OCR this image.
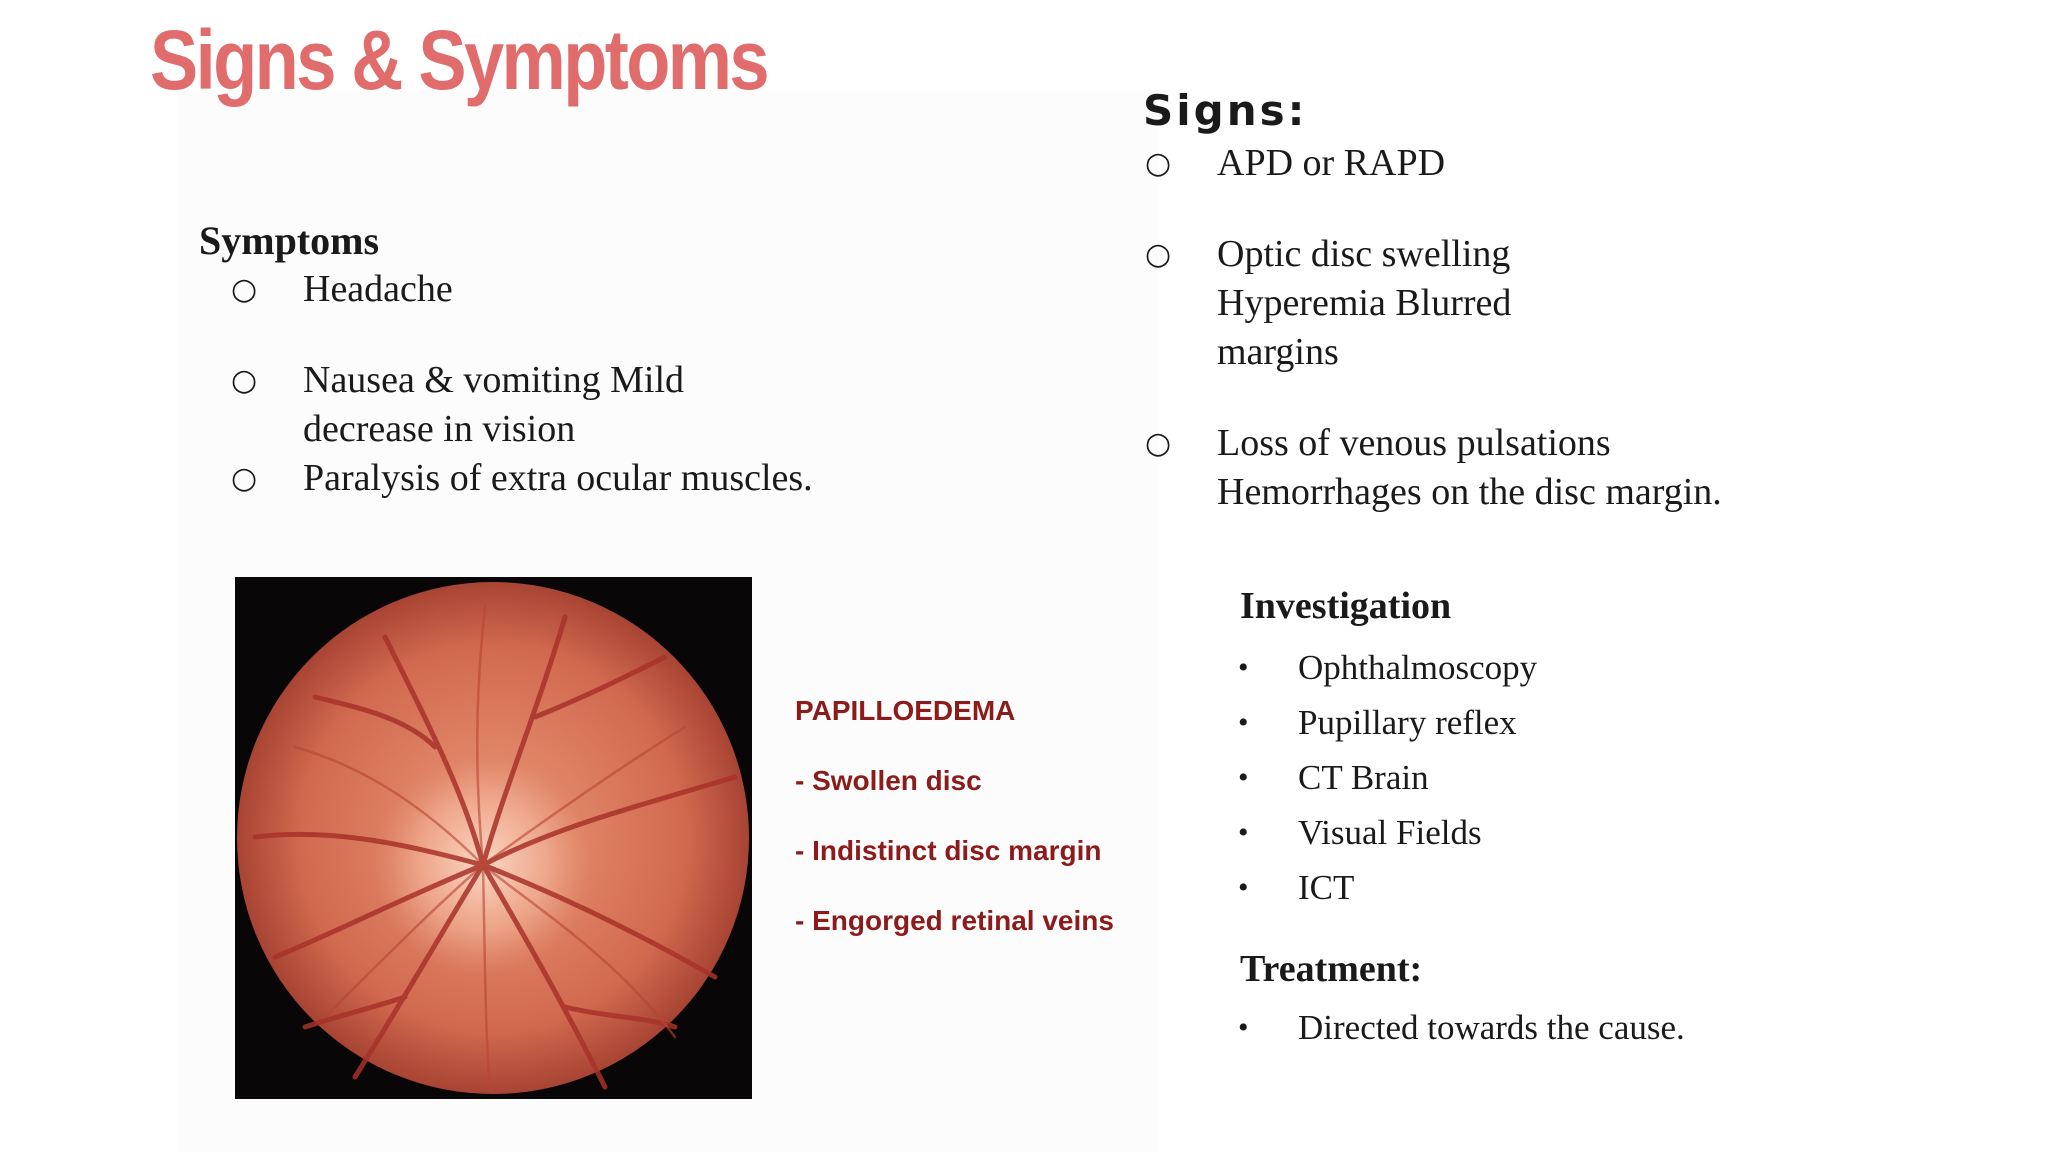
Signs & Symptoms
Symptoms
○ Headache
○ Nausea & vomiting Mild
decrease in vision
○ Paralysis of extra ocular muscles.
Signs:
○ APD or RAPD
○ Optic disc swelling
Hyperemia Blurred
margins
○ Loss of venous pulsations
Hemorrhages on the disc margin.
Investigation
• Ophthalmoscopy
• Pupillary reflex
• CT Brain
• Visual Fields
• ICT
Treatment:
• Directed towards the cause.
PAPILLOEDEMA
- Swollen disc
- Indistinct disc margin
- Engorged retinal veins
